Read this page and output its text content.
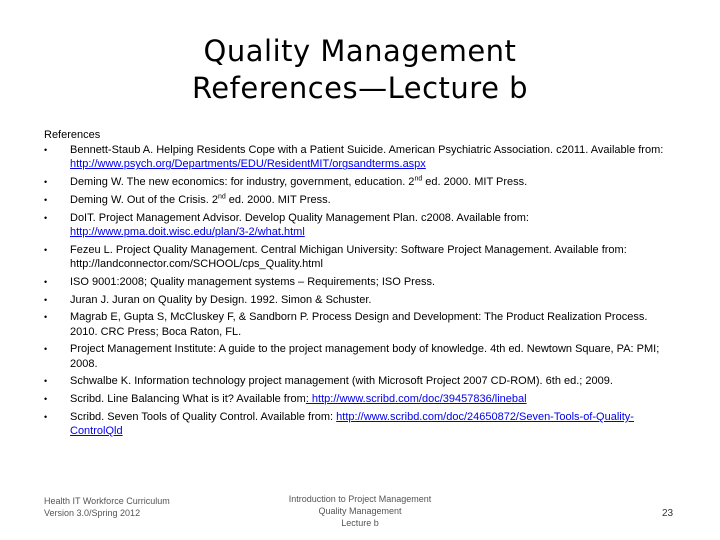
Quality Management
References—Lecture b
References
•	Bennett-Staub A. Helping Residents Cope with a Patient Suicide. American Psychiatric Association. c2011. Available from: http://www.psych.org/Departments/EDU/ResidentMIT/orgsandterms.aspx
•	Deming W. The new economics: for industry, government, education. 2nd ed. 2000. MIT Press.
•	Deming W. Out of the Crisis. 2nd ed. 2000. MIT Press.
•	DoIT. Project Management Advisor. Develop Quality Management Plan. c2008. Available from: http://www.pma.doit.wisc.edu/plan/3-2/what.html
•	Fezeu L. Project Quality Management. Central Michigan University: Software Project Management. Available from: http://landconnector.com/SCHOOL/cps_Quality.html
•	ISO 9001:2008; Quality management systems – Requirements; ISO Press.
•	Juran J. Juran on Quality by Design. 1992. Simon & Schuster.
•	Magrab E, Gupta S, McCluskey F, & Sandborn P. Process Design and Development: The Product Realization Process. 2010. CRC Press; Boca Raton, FL.
•	Project Management Institute: A guide to the project management body of knowledge. 4th ed. Newtown Square, PA: PMI; 2008.
•	Schwalbe K. Information technology project management (with Microsoft Project 2007 CD-ROM). 6th ed.; 2009.
•	Scribd. Line Balancing What is it? Available from: http://www.scribd.com/doc/39457836/linebal
•	Scribd. Seven Tools of Quality Control. Available from: http://www.scribd.com/doc/24650872/Seven-Tools-of-Quality-ControlQld
Health IT Workforce Curriculum
Version 3.0/Spring 2012
Introduction to Project Management
Quality Management
Lecture b
23
